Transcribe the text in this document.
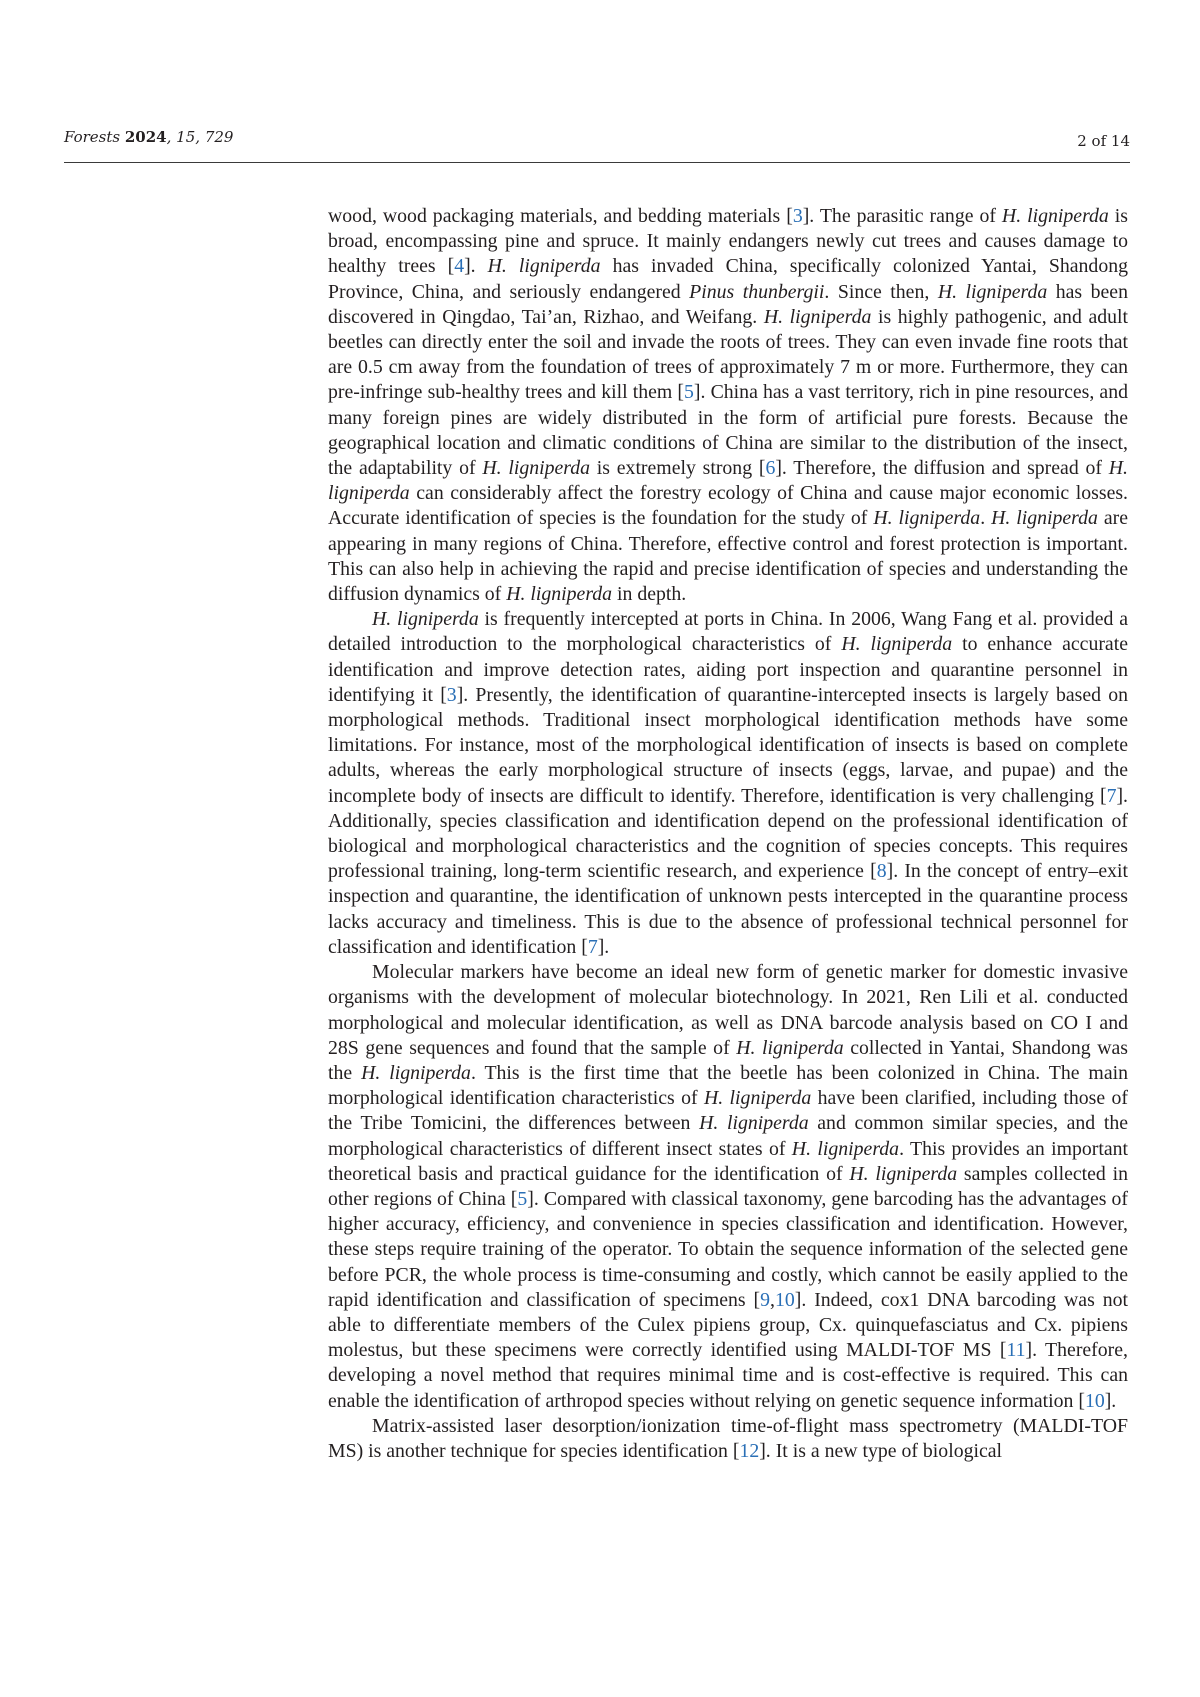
Forests 2024, 15, 729	2 of 14

wood, wood packaging materials, and bedding materials [3]. The parasitic range of H. ligniperda is broad, encompassing pine and spruce. It mainly endangers newly cut trees and causes damage to healthy trees [4]. H. ligniperda has invaded China, specifically colonized Yantai, Shandong Province, China, and seriously endangered Pinus thunbergii. Since then, H. ligniperda has been discovered in Qingdao, Tai’an, Rizhao, and Weifang. H. ligniperda is highly pathogenic, and adult beetles can directly enter the soil and invade the roots of trees. They can even invade fine roots that are 0.5 cm away from the foundation of trees of approximately 7 m or more. Furthermore, they can pre-infringe sub-healthy trees and kill them [5]. China has a vast territory, rich in pine resources, and many foreign pines are widely distributed in the form of artificial pure forests. Because the geographical location and climatic conditions of China are similar to the distribution of the insect, the adaptability of H. ligniperda is extremely strong [6]. Therefore, the diffusion and spread of H. ligniperda can considerably affect the forestry ecology of China and cause major economic losses. Accurate identification of species is the foundation for the study of H. ligniperda. H. ligniperda are appearing in many regions of China. Therefore, effective control and forest protection is important. This can also help in achieving the rapid and precise identification of species and understanding the diffusion dynamics of H. ligniperda in depth.

H. ligniperda is frequently intercepted at ports in China. In 2006, Wang Fang et al. provided a detailed introduction to the morphological characteristics of H. ligniperda to enhance accurate identification and improve detection rates, aiding port inspection and quarantine personnel in identifying it [3]. Presently, the identification of quarantine-intercepted insects is largely based on morphological methods. Traditional insect morphological identification methods have some limitations. For instance, most of the morphological identification of insects is based on complete adults, whereas the early morphological structure of insects (eggs, larvae, and pupae) and the incomplete body of insects are difficult to identify. Therefore, identification is very challenging [7]. Additionally, species classification and identification depend on the professional identification of biological and morphological characteristics and the cognition of species concepts. This requires professional training, long-term scientific research, and experience [8]. In the concept of entry–exit inspection and quarantine, the identification of unknown pests intercepted in the quarantine process lacks accuracy and timeliness. This is due to the absence of professional technical personnel for classification and identification [7].

Molecular markers have become an ideal new form of genetic marker for domestic invasive organisms with the development of molecular biotechnology. In 2021, Ren Lili et al. conducted morphological and molecular identification, as well as DNA barcode analysis based on CO I and 28S gene sequences and found that the sample of H. ligniperda collected in Yantai, Shandong was the H. ligniperda. This is the first time that the beetle has been colonized in China. The main morphological identification characteristics of H. ligniperda have been clarified, including those of the Tribe Tomicini, the differences between H. ligniperda and common similar species, and the morphological characteristics of different insect states of H. ligniperda. This provides an important theoretical basis and practical guidance for the identification of H. ligniperda samples collected in other regions of China [5]. Compared with classical taxonomy, gene barcoding has the advantages of higher accuracy, efficiency, and convenience in species classification and identification. However, these steps require training of the operator. To obtain the sequence information of the selected gene before PCR, the whole process is time-consuming and costly, which cannot be easily applied to the rapid identification and classification of specimens [9,10]. Indeed, cox1 DNA barcoding was not able to differentiate members of the Culex pipiens group, Cx. quinquefasciatus and Cx. pipiens molestus, but these specimens were correctly identified using MALDI-TOF MS [11]. Therefore, developing a novel method that requires minimal time and is cost-effective is required. This can enable the identification of arthropod species without relying on genetic sequence information [10].

Matrix-assisted laser desorption/ionization time-of-flight mass spectrometry (MALDI-TOF MS) is another technique for species identification [12]. It is a new type of biological
